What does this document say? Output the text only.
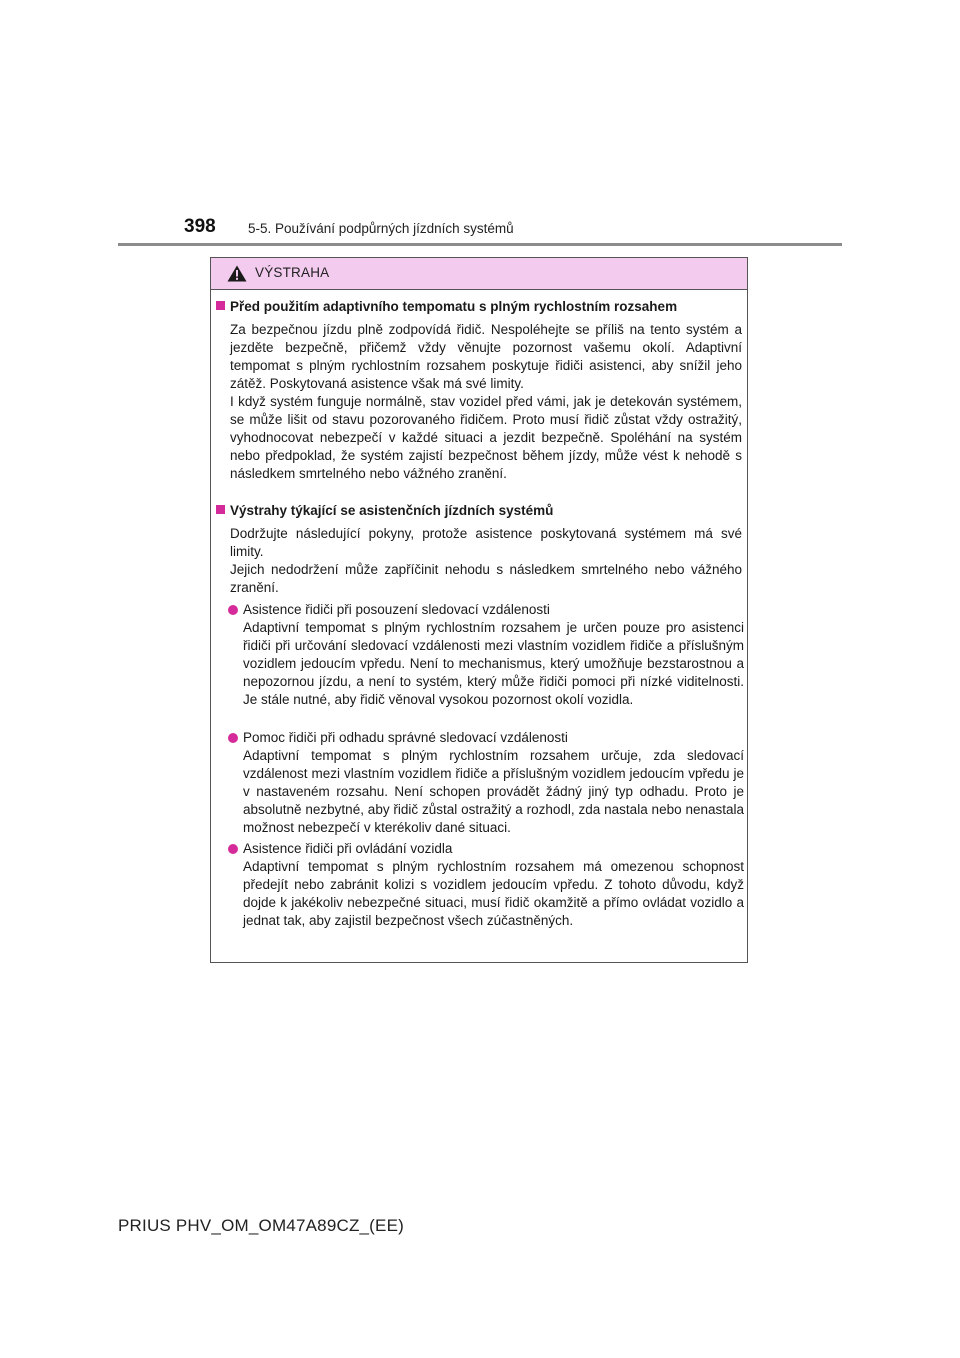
398 5-5. Používání podpůrných jízdních systémů
VÝSTRAHA
Před použitím adaptivního tempomatu s plným rychlostním rozsahem

Za bezpečnou jízdu plně zodpovídá řidič. Nespoléhejte se příliš na tento systém a jezděte bezpečně, přičemž vždy věnujte pozornost vašemu okolí. Adaptivní tempomat s plným rychlostním rozsahem poskytuje řidiči asistenci, aby snížil jeho zátěž. Poskytovaná asistence však má své limity.

I když systém funguje normálně, stav vozidel před vámi, jak je detekován systémem, se může lišit od stavu pozorovaného řidičem. Proto musí řidič zůstat vždy ostražitý, vyhodnocovat nebezpečí v každé situaci a jezdit bezpečně. Spoléhání na systém nebo předpoklad, že systém zajistí bezpečnost během jízdy, může vést k nehodě s následkem smrtelného nebo vážného zranění.

Výstrahy týkající se asistenčních jízdních systémů

Dodržujte následující pokyny, protože asistence poskytovaná systémem má své limity.

Jejich nedodržení může zapříčinit nehodu s následkem smrtelného nebo vážného zranění.

Asistence řidiči při posouzení sledovací vzdálenosti
Adaptivní tempomat s plným rychlostním rozsahem je určen pouze pro asistenci řidiči při určování sledovací vzdálenosti mezi vlastním vozidlem řidiče a příslušným vozidlem jedoucím vpředu. Není to mechanismus, který umožňuje bezstarostnou a nepozornou jízdu, a není to systém, který může řidiči pomoci při nízké viditelnosti. Je stále nutné, aby řidič věnoval vysokou pozornost okolí vozidla.
Pomoc řidiči při odhadu správné sledovací vzdálenosti
Adaptivní tempomat s plným rychlostním rozsahem určuje, zda sledovací vzdálenost mezi vlastním vozidlem řidiče a příslušným vozidlem jedoucím vpředu je v nastaveném rozsahu. Není schopen provádět žádný jiný typ odhadu. Proto je absolutně nezbytné, aby řidič zůstal ostražitý a rozhodl, zda nastala nebo nenastala možnost nebezpečí v kterékoliv dané situaci.
Asistence řidiči při ovládání vozidla
Adaptivní tempomat s plným rychlostním rozsahem má omezenou schopnost předejít nebo zabránit kolizi s vozidlem jedoucím vpředu. Z tohoto důvodu, když dojde k jakékoliv nebezpečné situaci, musí řidič okamžitě a přímo ovládat vozidlo a jednat tak, aby zajistil bezpečnost všech zúčastněných.
PRIUS PHV_OM_OM47A89CZ_(EE)
